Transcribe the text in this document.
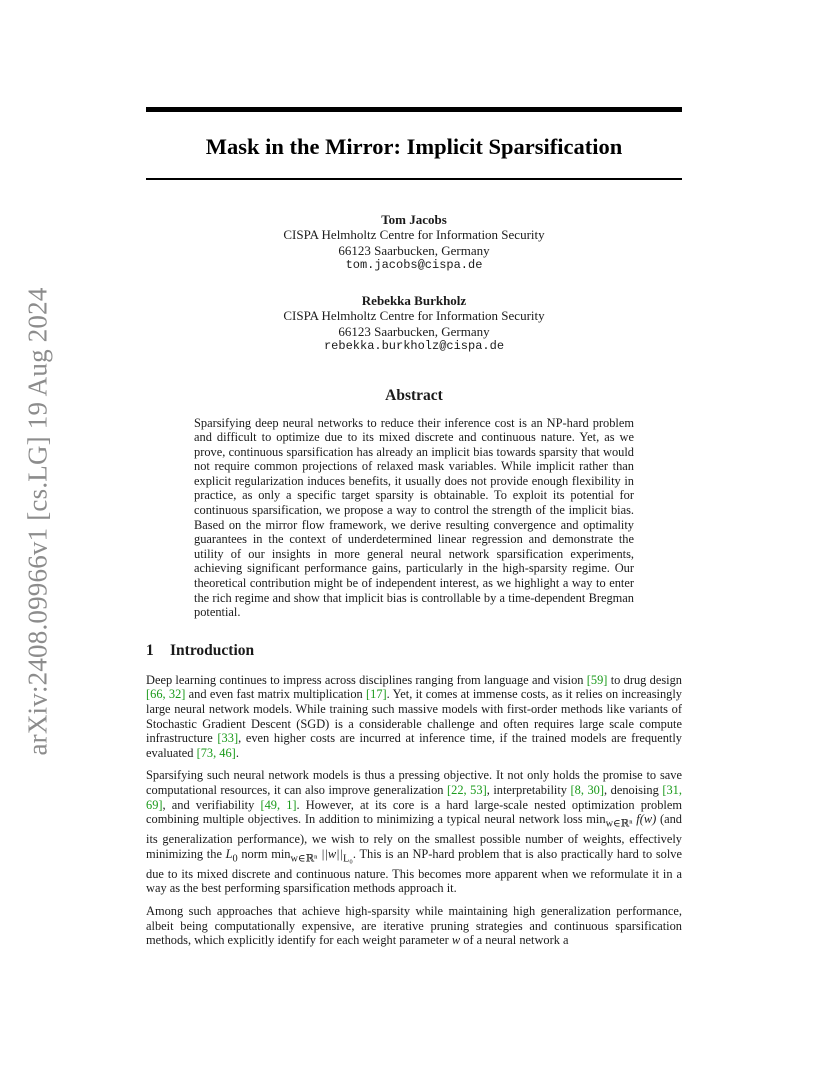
arXiv:2408.09966v1 [cs.LG] 19 Aug 2024
Mask in the Mirror: Implicit Sparsification
Tom Jacobs
CISPA Helmholtz Centre for Information Security
66123 Saarbucken, Germany
tom.jacobs@cispa.de
Rebekka Burkholz
CISPA Helmholtz Centre for Information Security
66123 Saarbucken, Germany
rebekka.burkholz@cispa.de
Abstract
Sparsifying deep neural networks to reduce their inference cost is an NP-hard problem and difficult to optimize due to its mixed discrete and continuous nature. Yet, as we prove, continuous sparsification has already an implicit bias towards sparsity that would not require common projections of relaxed mask variables. While implicit rather than explicit regularization induces benefits, it usually does not provide enough flexibility in practice, as only a specific target sparsity is obtainable. To exploit its potential for continuous sparsification, we propose a way to control the strength of the implicit bias. Based on the mirror flow framework, we derive resulting convergence and optimality guarantees in the context of underdetermined linear regression and demonstrate the utility of our insights in more general neural network sparsification experiments, achieving significant performance gains, particularly in the high-sparsity regime. Our theoretical contribution might be of independent interest, as we highlight a way to enter the rich regime and show that implicit bias is controllable by a time-dependent Bregman potential.
1 Introduction

Deep learning continues to impress across disciplines ranging from language and vision [59] to drug design [66, 32] and even fast matrix multiplication [17]. Yet, it comes at immense costs, as it relies on increasingly large neural network models. While training such massive models with first-order methods like variants of Stochastic Gradient Descent (SGD) is a considerable challenge and often requires large scale compute infrastructure [33], even higher costs are incurred at inference time, if the trained models are frequently evaluated [73, 46].

Sparsifying such neural network models is thus a pressing objective. It not only holds the promise to save computational resources, it can also improve generalization [22, 53], interpretability [8, 30], denoising [31, 69], and verifiability [49, 1]. However, at its core is a hard large-scale nested optimization problem combining multiple objectives. In addition to minimizing a typical neural network loss $\min_{w\in ℝ^n} f(w)$ (and its generalization performance), we wish to rely on the smallest possible number of weights, effectively minimizing the $L_0$ norm $\min_{w\in ℝ^n} ||w||_{L_0}$. This is an NP-hard problem that is also practically hard to solve due to its mixed discrete and continuous nature. This becomes more apparent when we reformulate it in a way as the best performing sparsification methods approach it.

Among such approaches that achieve high-sparsity while maintaining high generalization performance, albeit being computationally expensive, are iterative pruning strategies and continuous sparsification methods, which explicitly identify for each weight parameter w of a neural network a
